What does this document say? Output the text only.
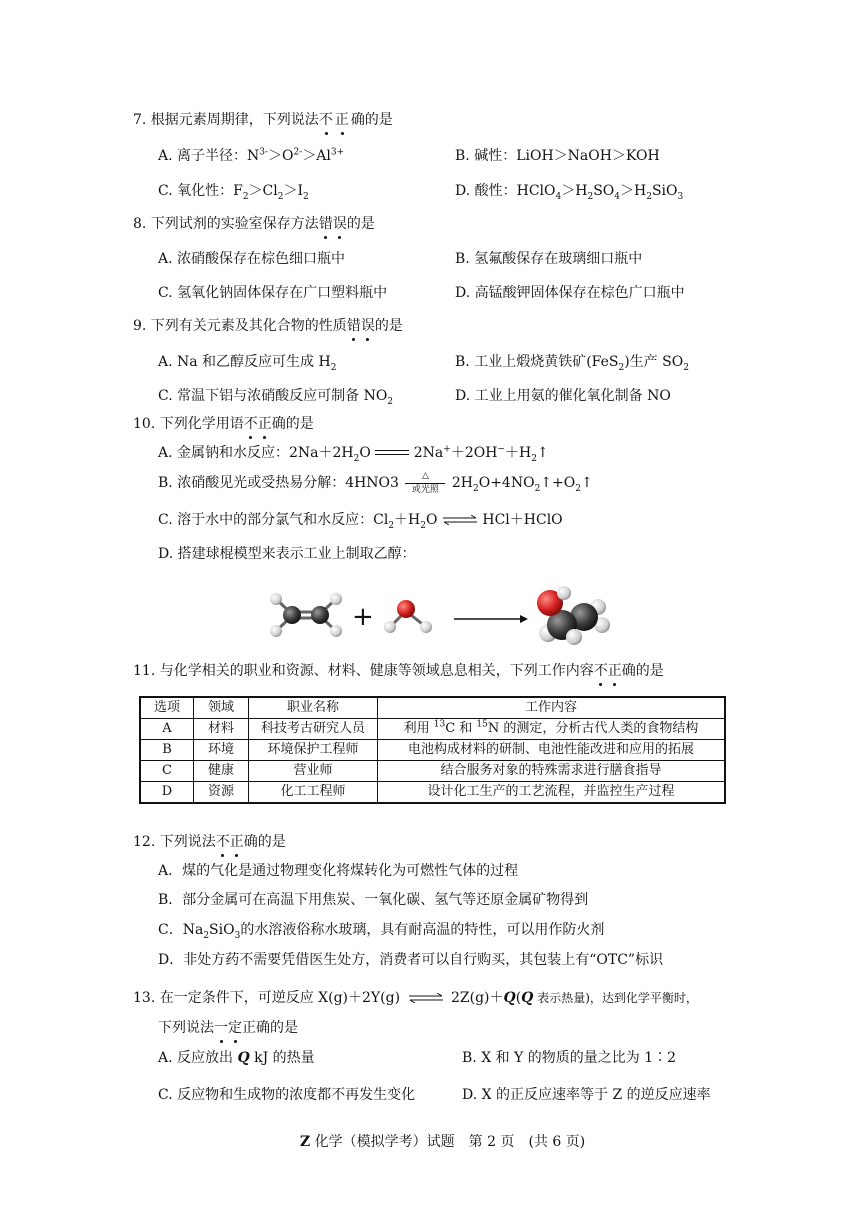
7. 根据元素周期律，下列说法不正确的是
A. 离子半径：$N^{3-}>O^{2-}>Al^{3+}$	B. 碱性：LiOH＞NaOH＞KOH
C. 氧化性：$F_2>Cl_2>I_2$	D. 酸性：$HClO_4>H_2SO_4>H_2SiO_3$
8. 下列试剂的实验室保存方法错误的是
A. 浓硝酸保存在棕色细口瓶中	B. 氢氟酸保存在玻璃细口瓶中
C. 氢氧化钠固体保存在广口塑料瓶中	D. 高锰酸钾固体保存在棕色广口瓶中
9. 下列有关元素及其化合物的性质错误的是
A. Na 和乙醇反应可生成 $H_2$	B. 工业上煅烧黄铁矿(FeS$_2$)生产 $SO_2$
C. 常温下铝与浓硝酸反应可制备 $NO_2$	D. 工业上用氨的催化氧化制备 NO
10. 下列化学用语不正确的是
A. 金属钠和水反应：$2Na+2H_2O$  $2Na^++2OH^-+H_2↑$
B. 浓硝酸见光或受热易分解：4HNO3	△
或光照 $2H_2O+4NO_2↑+O_2↑$
C. 溶于水中的部分氯气和水反应：$Cl_2+H_2O$ ⇌ HCl＋HClO
D. 搭建球棍模型来表示工业上制取乙醇：
+
11. 与化学相关的职业和资源、材料、健康等领域息息相关，下列工作内容不正确的是
选项	领域	职业名称	工作内容
A	材料	科技考古研究人员	利用 $^{13}$C 和 $^{15}$N 的测定，分析古代人类的食物结构
B	环境	环境保护工程师	电池构成材料的研制、电池性能改进和应用的拓展
C	健康	营业师	结合服务对象的特殊需求进行膳食指导
D	资源	化工工程师	设计化工生产的工艺流程，并监控生产过程
12. 下列说法不正确的是
A．煤的气化是通过物理变化将煤转化为可燃性气体的过程
B．部分金属可在高温下用焦炭、一氧化碳、氢气等还原金属矿物得到
C．$Na_2SiO_3$的水溶液俗称水玻璃，具有耐高温的特性，可以用作防火剂
D．非处方药不需要凭借医生处方，消费者可以自行购买，其包装上有“OTC”标识
13. 在一定条件下，可逆反应 X(g)＋2Y(g) ⇌ 2Z(g)＋Q(Q 表示热量)，达到化学平衡时，
下列说法一定正确的是
A. 反应放出 Q kJ 的热量	B. X 和 Y 的物质的量之比为 1∶2
C. 反应物和生成物的浓度都不再发生变化	D. X 的正反应速率等于 Z 的逆反应速率
Z 化学（模拟学考）试题　第 2 页　(共 6 页)
